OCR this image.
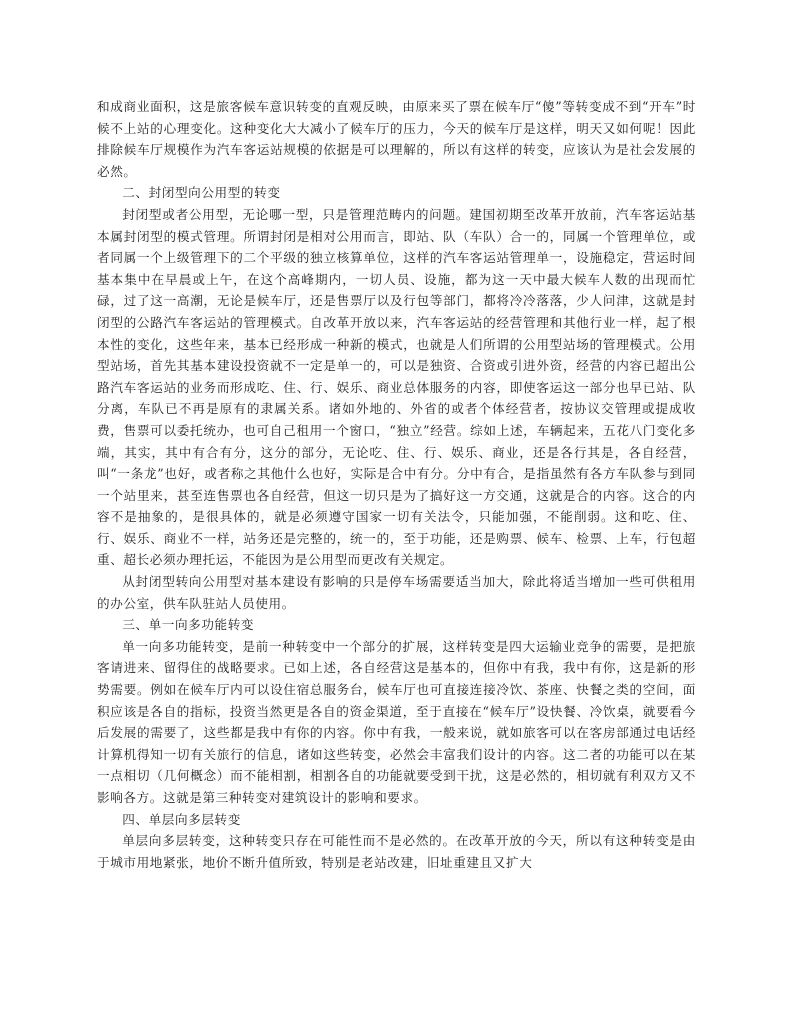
和成商业面积，这是旅客候车意识转变的直观反映，由原来买了票在候车厅“傻”等转变成不到“开车”时候不上站的心理变化。这种变化大大减小了候车厅的压力，今天的候车厅是这样，明天又如何呢！因此排除候车厅规模作为汽车客运站规模的依据是可以理解的，所以有这样的转变，应该认为是社会发展的必然。

二、封闭型向公用型的转变

封闭型或者公用型，无论哪一型，只是管理范畴内的问题。建国初期至改革开放前，汽车客运站基本属封闭型的模式管理。所谓封闭是相对公用而言，即站、队（车队）合一的，同属一个管理单位，或者同属一个上级管理下的二个平级的独立核算单位，这样的汽车客运站管理单一，设施稳定，营运时间基本集中在早晨或上午，在这个高峰期内，一切人员、设施，都为这一天中最大候车人数的出现而忙碌，过了这一高潮，无论是候车厅，还是售票厅以及行包等部门，都将冷冷落落，少人问津，这就是封闭型的公路汽车客运站的管理模式。自改革开放以来，汽车客运站的经营管理和其他行业一样，起了根本性的变化，这些年来，基本已经形成一种新的模式，也就是人们所谓的公用型站场的管理模式。公用型站场，首先其基本建设投资就不一定是单一的，可以是独资、合资或引进外资，经营的内容已超出公路汽车客运站的业务而形成吃、住、行、娱乐、商业总体服务的内容，即使客运这一部分也早已站、队分离，车队已不再是原有的隶属关系。诸如外地的、外省的或者个体经营者，按协议交管理或提成收费，售票可以委托统办，也可自己租用一个窗口，“独立”经营。综如上述，车辆起来，五花八门变化多端，其实，其中有合有分，这分的部分，无论吃、住、行、娱乐、商业，还是各行其是，各自经营，叫“一条龙”也好，或者称之其他什么也好，实际是合中有分。分中有合，是指虽然有各方车队参与到同一个站里来，甚至连售票也各自经营，但这一切只是为了搞好这一方交通，这就是合的内容。这合的内容不是抽象的，是很具体的，就是必须遵守国家一切有关法令，只能加强，不能削弱。这和吃、住、行、娱乐、商业不一样，站务还是完整的，统一的，至于功能，还是购票、候车、检票、上车，行包超重、超长必须办理托运，不能因为是公用型而更改有关规定。

从封闭型转向公用型对基本建设有影响的只是停车场需要适当加大，除此将适当增加一些可供租用的办公室，供车队驻站人员使用。

三、单一向多功能转变

单一向多功能转变，是前一种转变中一个部分的扩展，这样转变是四大运输业竞争的需要，是把旅客请进来、留得住的战略要求。已如上述，各自经营这是基本的，但你中有我，我中有你，这是新的形势需要。例如在候车厅内可以设住宿总服务台，候车厅也可直接连接冷饮、茶座、快餐之类的空间，面积应该是各自的指标，投资当然更是各自的资金渠道，至于直接在“候车厅”设快餐、冷饮桌，就要看今后发展的需要了，这些都是我中有你的内容。你中有我，一般来说，就如旅客可以在客房部通过电话经计算机得知一切有关旅行的信息，诸如这些转变，必然会丰富我们设计的内容。这二者的功能可以在某一点相切（几何概念）而不能相割，相割各自的功能就要受到干扰，这是必然的，相切就有利双方又不影响各方。这就是第三种转变对建筑设计的影响和要求。

四、单层向多层转变

单层向多层转变，这种转变只存在可能性而不是必然的。在改革开放的今天，所以有这种转变是由于城市用地紧张，地价不断升值所致，特别是老站改建，旧址重建且又扩大
